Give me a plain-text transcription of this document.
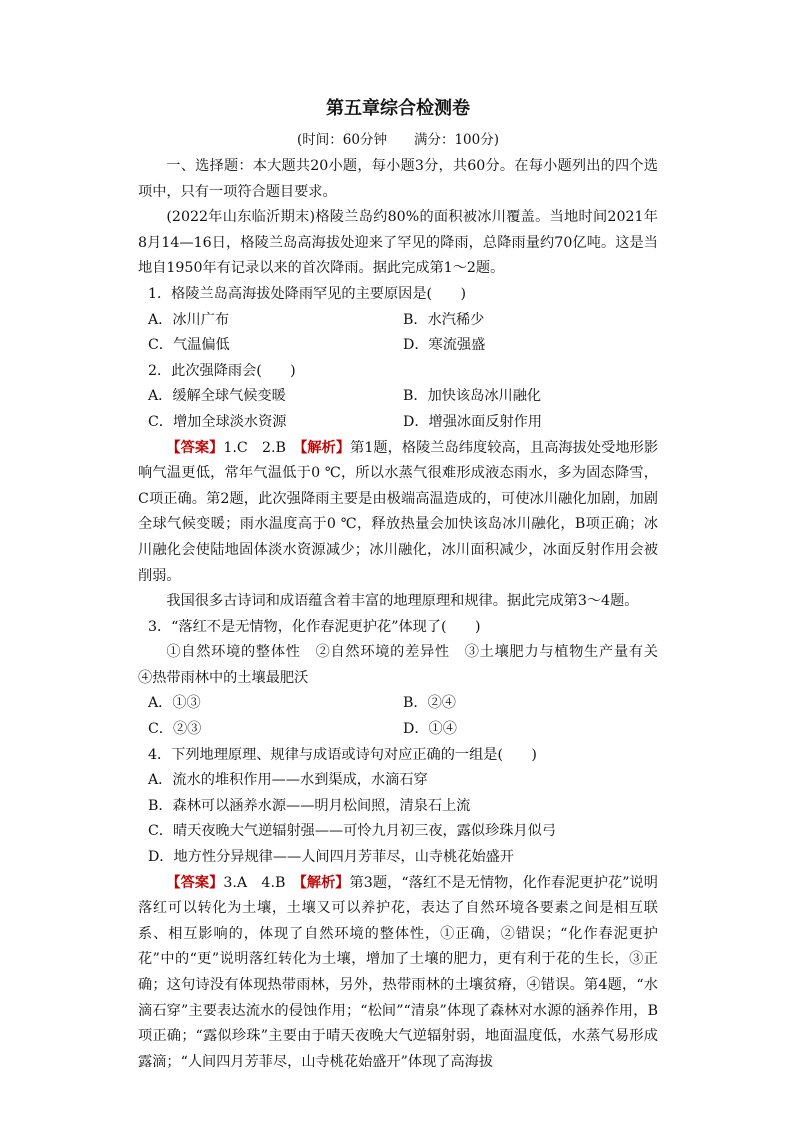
第五章综合检测卷
(时间：60分钟　　满分：100分)

一、选择题：本大题共20小题，每小题3分，共60分。在每小题列出的四个选项中，只有一项符合题目要求。

(2022年山东临沂期末)格陵兰岛约80%的面积被冰川覆盖。当地时间2021年8月14—16日，格陵兰岛高海拔处迎来了罕见的降雨，总降雨量约70亿吨。这是当地自1950年有记录以来的首次降雨。据此完成第1～2题。

1．格陵兰岛高海拔处降雨罕见的主要原因是(　　)

A．冰川广布	B．水汽稀少
C．气温偏低	D．寒流强盛

2．此次强降雨会(　　)

A．缓解全球气候变暖	B．加快该岛冰川融化
C．增加全球淡水资源	D．增强冰面反射作用

【答案】1.C　2.B　【解析】第1题，格陵兰岛纬度较高，且高海拔处受地形影响气温更低，常年气温低于0 ℃，所以水蒸气很难形成液态雨水，多为固态降雪，C项正确。第2题，此次强降雨主要是由极端高温造成的，可使冰川融化加剧，加剧全球气候变暖；雨水温度高于0 ℃，释放热量会加快该岛冰川融化，B项正确；冰川融化会使陆地固体淡水资源减少；冰川融化，冰川面积减少，冰面反射作用会被削弱。

我国很多古诗词和成语蕴含着丰富的地理原理和规律。据此完成第3～4题。

3．“落红不是无情物，化作春泥更护花”体现了(　　)

①自然环境的整体性　②自然环境的差异性　③土壤肥力与植物生产量有关　④热带雨林中的土壤最肥沃

A．①③	B．②④
C．②③	D．①④

4．下列地理原理、规律与成语或诗句对应正确的一组是(　　)

A．流水的堆积作用——水到渠成，水滴石穿

B．森林可以涵养水源——明月松间照，清泉石上流

C．晴天夜晚大气逆辐射强——可怜九月初三夜，露似珍珠月似弓

D．地方性分异规律——人间四月芳菲尽，山寺桃花始盛开

【答案】3.A　4.B　【解析】第3题，“落红不是无情物，化作春泥更护花”说明落红可以转化为土壤，土壤又可以养护花，表达了自然环境各要素之间是相互联系、相互影响的，体现了自然环境的整体性，①正确，②错误；“化作春泥更护花”中的“更”说明落红转化为土壤，增加了土壤的肥力，更有利于花的生长，③正确；这句诗没有体现热带雨林，另外，热带雨林的土壤贫瘠，④错误。第4题，“水滴石穿”主要表达流水的侵蚀作用；“松间”“清泉”体现了森林对水源的涵养作用，B项正确；“露似珍珠”主要由于晴天夜晚大气逆辐射弱，地面温度低，水蒸气易形成露滴；“人间四月芳菲尽，山寺桃花始盛开”体现了高海拔
